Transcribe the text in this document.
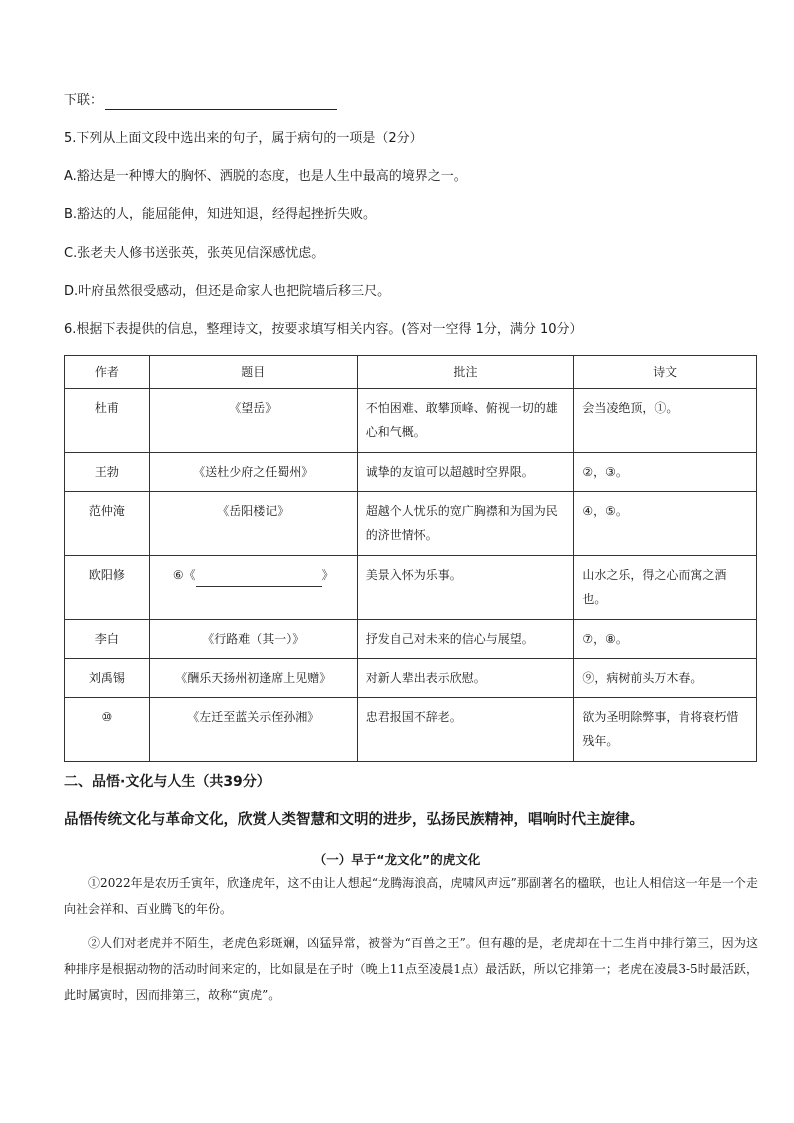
下联：
5.下列从上面文段中选出来的句子，属于病句的一项是（2分）
A.豁达是一种博大的胸怀、洒脱的态度，也是人生中最高的境界之一。
B.豁达的人，能屈能伸，知进知退，经得起挫折失败。
C.张老夫人修书送张英，张英见信深感忧虑。
D.叶府虽然很受感动，但还是命家人也把院墙后移三尺。
6.根据下表提供的信息，整理诗文，按要求填写相关内容。(答对一空得 1分，满分 10分）
作者	题目	批注	诗文
杜甫	《望岳》	不怕困难、敢攀顶峰、俯视一切的雄心和气概。	会当凌绝顶，①。
王勃	《送杜少府之任蜀州》	诚挚的友谊可以超越时空界限。	②，③。
范仲淹	《岳阳楼记》	超越个人忧乐的宽广胸襟和为国为民的济世情怀。	④，⑤。
欧阳修	⑥《 》	美景入怀为乐事。	山水之乐，得之心而寓之酒也。
李白	《行路难（其一）》	抒发自己对未来的信心与展望。	⑦，⑧。
刘禹锡	《酬乐天扬州初逢席上见赠》	对新人辈出表示欣慰。	⑨，病树前头万木春。
⑩	《左迁至蓝关示侄孙湘》	忠君报国不辞老。	欲为圣明除弊事，肯将衰朽惜残年。
二、品悟·文化与人生（共39分）
品悟传统文化与革命文化，欣赏人类智慧和文明的进步，弘扬民族精神，唱响时代主旋律。
（一）早于“龙文化”的虎文化

①2022年是农历壬寅年，欣逢虎年，这不由让人想起“龙腾海浪高，虎啸风声远”那副著名的楹联，也让人相信这一年是一个走向社会祥和、百业腾飞的年份。

②人们对老虎并不陌生，老虎色彩斑斓，凶猛异常，被誉为“百兽之王”。但有趣的是，老虎却在十二生肖中排行第三，因为这种排序是根据动物的活动时间来定的，比如鼠是在子时（晚上11点至凌晨1点）最活跃，所以它排第一；老虎在凌晨3-5时最活跃，此时属寅时，因而排第三，故称“寅虎”。
